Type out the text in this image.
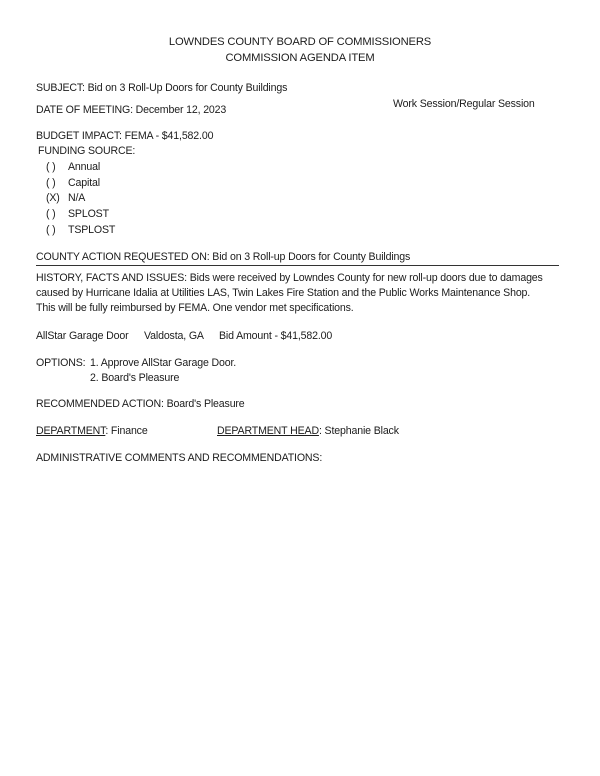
LOWNDES COUNTY BOARD OF COMMISSIONERS
COMMISSION AGENDA ITEM
SUBJECT: Bid on 3 Roll-Up Doors for County Buildings
DATE OF MEETING: December 12, 2023	Work Session/Regular Session
BUDGET IMPACT: FEMA - $41,582.00
FUNDING SOURCE:
( ) Annual
( ) Capital
(X) N/A
( ) SPLOST
( ) TSPLOST
COUNTY ACTION REQUESTED ON: Bid on 3 Roll-up Doors for County Buildings
HISTORY, FACTS AND ISSUES: Bids were received by Lowndes County for new roll-up doors due to damages
caused by Hurricane Idalia at Utilities LAS, Twin Lakes Fire Station and the Public Works Maintenance Shop.
This will be fully reimbursed by FEMA. One vendor met specifications.
AllStar Garage Door Valdosta, GA Bid Amount - $41,582.00
OPTIONS: 1. Approve AllStar Garage Door.
2. Board's Pleasure
RECOMMENDED ACTION: Board's Pleasure
DEPARTMENT: Finance	DEPARTMENT HEAD: Stephanie Black
ADMINISTRATIVE COMMENTS AND RECOMMENDATIONS:
